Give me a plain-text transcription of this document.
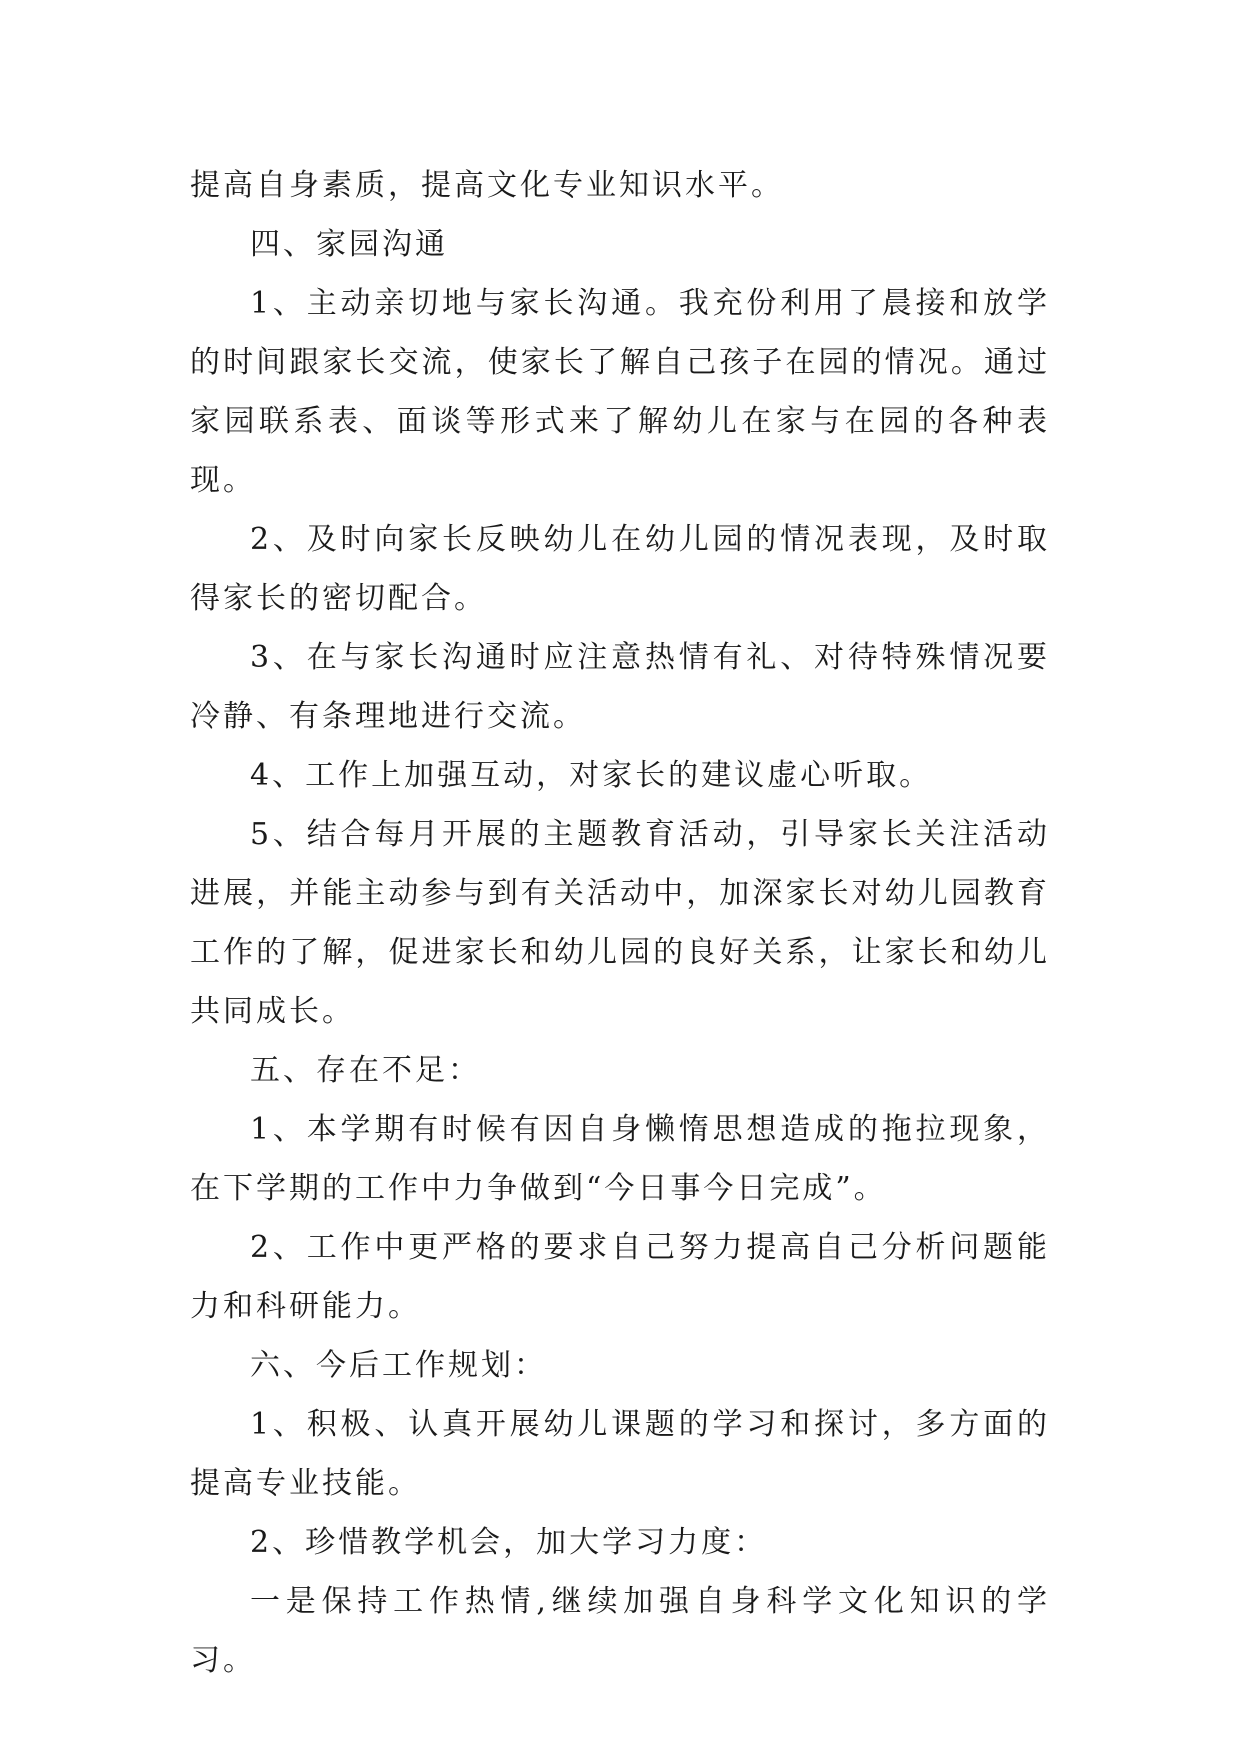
提高自身素质，提高文化专业知识水平。

四、家园沟通

1、主动亲切地与家长沟通。我充份利用了晨接和放学的时间跟家长交流，使家长了解自己孩子在园的情况。通过家园联系表、面谈等形式来了解幼儿在家与在园的各种表现。

2、及时向家长反映幼儿在幼儿园的情况表现，及时取得家长的密切配合。

3、在与家长沟通时应注意热情有礼、对待特殊情况要冷静、有条理地进行交流。

4、工作上加强互动，对家长的建议虚心听取。

5、结合每月开展的主题教育活动，引导家长关注活动进展，并能主动参与到有关活动中，加深家长对幼儿园教育工作的了解，促进家长和幼儿园的良好关系，让家长和幼儿共同成长。

五、存在不足：

1、本学期有时候有因自身懒惰思想造成的拖拉现象，在下学期的工作中力争做到“今日事今日完成”。

2、工作中更严格的要求自己努力提高自己分析问题能力和科研能力。

六、今后工作规划：

1、积极、认真开展幼儿课题的学习和探讨，多方面的提高专业技能。

2、珍惜教学机会，加大学习力度：

一是保持工作热情,继续加强自身科学文化知识的学习。
